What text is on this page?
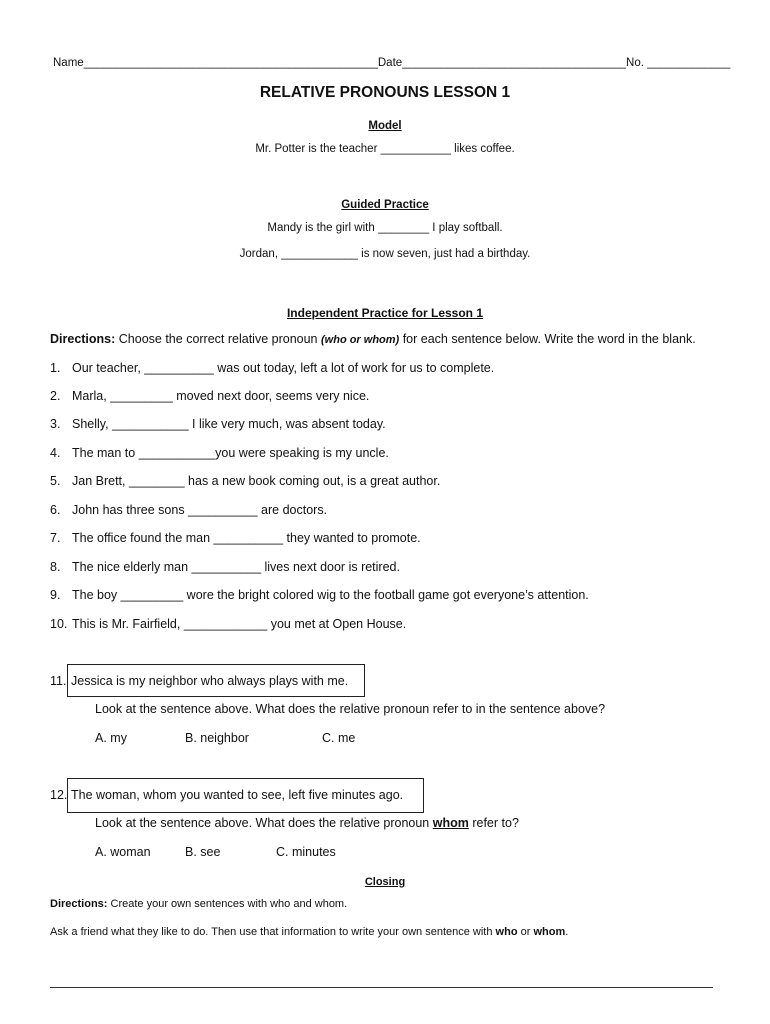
Name______________________________________________Date___________________________________No. _____________
RELATIVE PRONOUNS LESSON 1
Model
Mr. Potter is the teacher ___________ likes coffee.
Guided Practice
Mandy is the girl with ________ I play softball.
Jordan, ____________ is now seven, just had a birthday.
Independent Practice for Lesson 1
Directions: Choose the correct relative pronoun (who or whom) for each sentence below. Write the word in the blank.
1. Our teacher, __________ was out today, left a lot of work for us to complete.
2. Marla, _________ moved next door, seems very nice.
3. Shelly, ___________ I like very much, was absent today.
4. The man to ___________you were speaking is my uncle.
5. Jan Brett, ________ has a new book coming out, is a great author.
6. John has three sons __________ are doctors.
7. The office found the man __________ they wanted to promote.
8. The nice elderly man __________ lives next door is retired.
9. The boy _________ wore the bright colored wig to the football game got everyone’s attention.
10. This is Mr. Fairfield, ____________ you met at Open House.
11. Jessica is my neighbor who always plays with me.
Look at the sentence above. What does the relative pronoun refer to in the sentence above?
A. my	B. neighbor	C. me
12. The woman, whom you wanted to see, left five minutes ago.
Look at the sentence above. What does the relative pronoun whom refer to?
A. woman	B. see	C. minutes
Closing
Directions: Create your own sentences with who and whom.
Ask a friend what they like to do. Then use that information to write your own sentence with who or whom.
